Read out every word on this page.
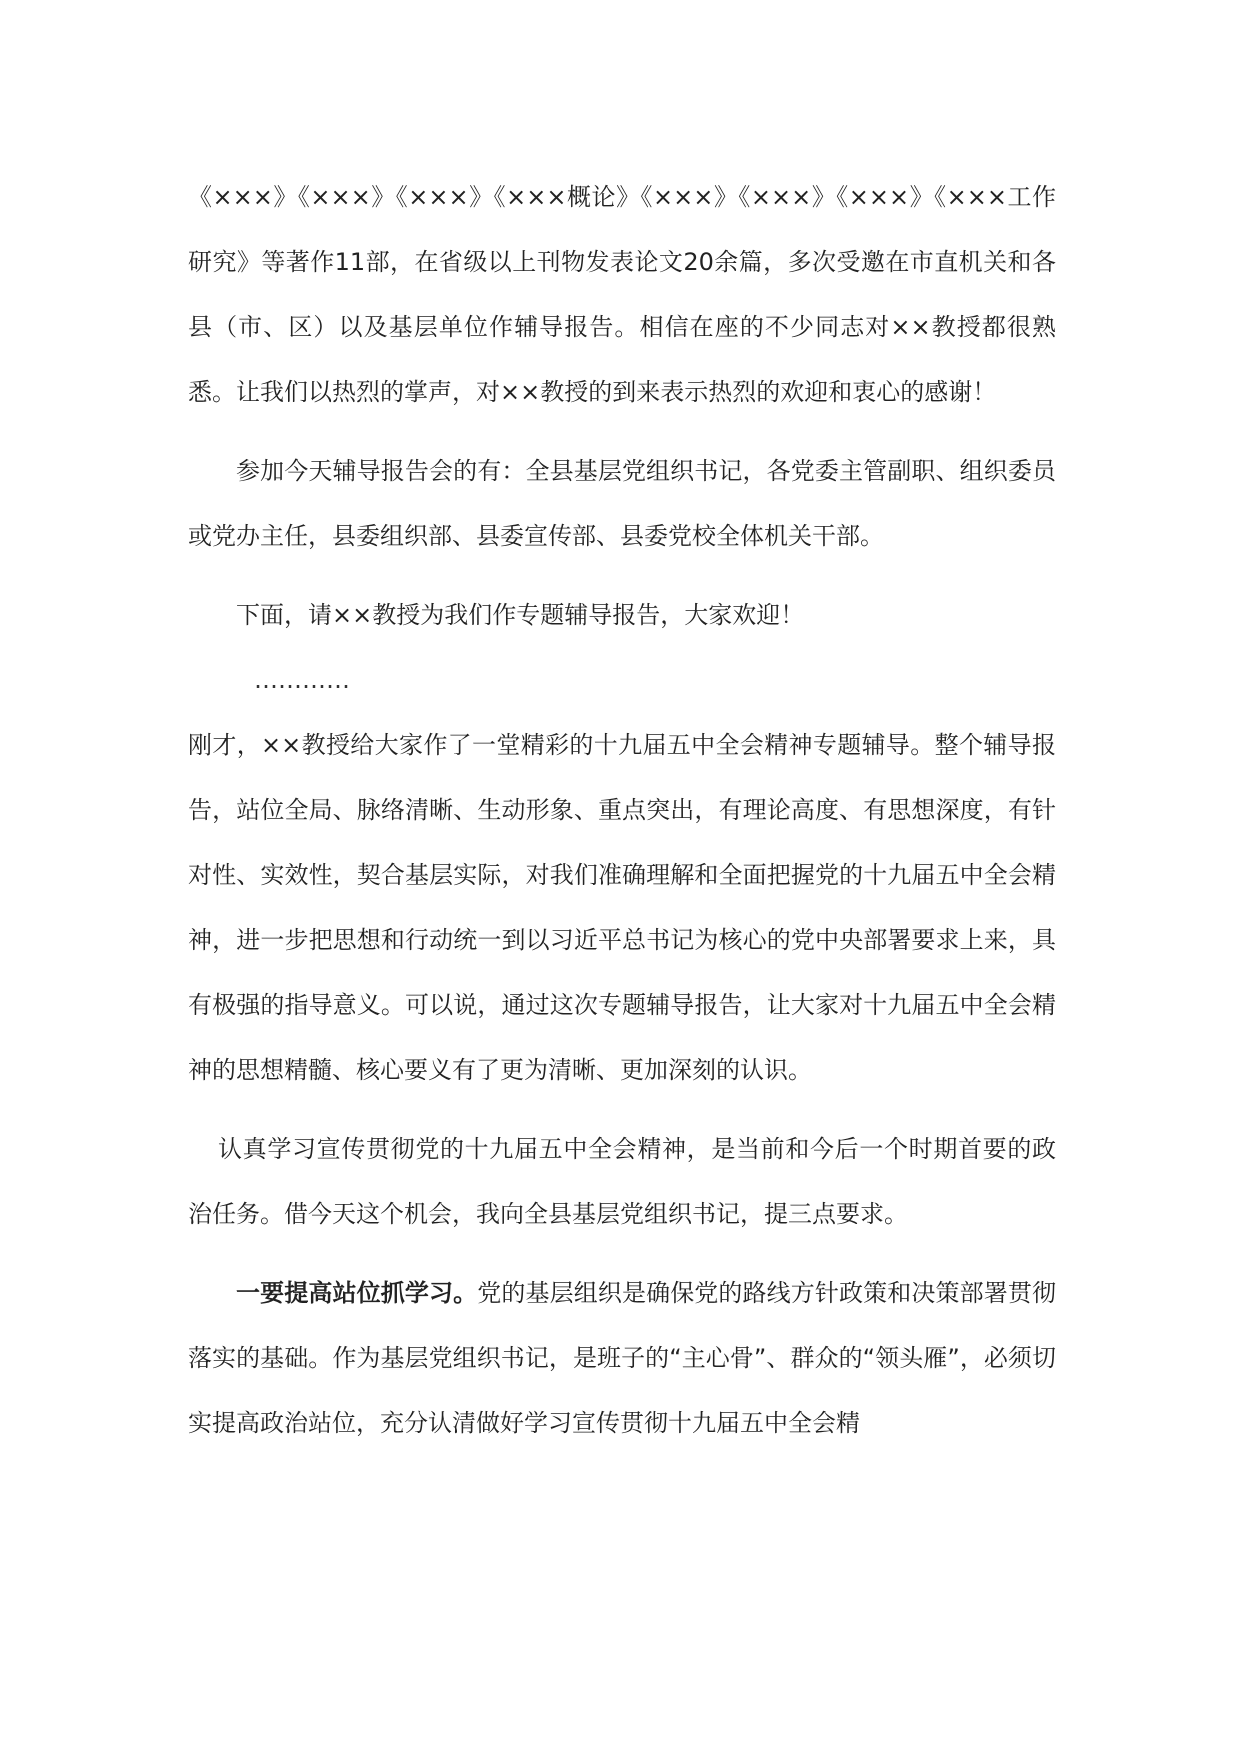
《×××》《×××》《×××》《×××概论》《×××》《×××》《×××》《×××工作研究》等著作11部，在省级以上刊物发表论文20余篇，多次受邀在市直机关和各县（市、区）以及基层单位作辅导报告。相信在座的不少同志对××教授都很熟悉。让我们以热烈的掌声，对××教授的到来表示热烈的欢迎和衷心的感谢！

参加今天辅导报告会的有：全县基层党组织书记，各党委主管副职、组织委员或党办主任，县委组织部、县委宣传部、县委党校全体机关干部。

下面，请××教授为我们作专题辅导报告，大家欢迎！

…………

刚才，××教授给大家作了一堂精彩的十九届五中全会精神专题辅导。整个辅导报告，站位全局、脉络清晰、生动形象、重点突出，有理论高度、有思想深度，有针对性、实效性，契合基层实际，对我们准确理解和全面把握党的十九届五中全会精神，进一步把思想和行动统一到以习近平总书记为核心的党中央部署要求上来，具有极强的指导意义。可以说，通过这次专题辅导报告，让大家对十九届五中全会精神的思想精髓、核心要义有了更为清晰、更加深刻的认识。

认真学习宣传贯彻党的十九届五中全会精神，是当前和今后一个时期首要的政治任务。借今天这个机会，我向全县基层党组织书记，提三点要求。

一要提高站位抓学习。党的基层组织是确保党的路线方针政策和决策部署贯彻落实的基础。作为基层党组织书记，是班子的“主心骨”、群众的“领头雁”，必须切实提高政治站位，充分认清做好学习宣传贯彻十九届五中全会精
